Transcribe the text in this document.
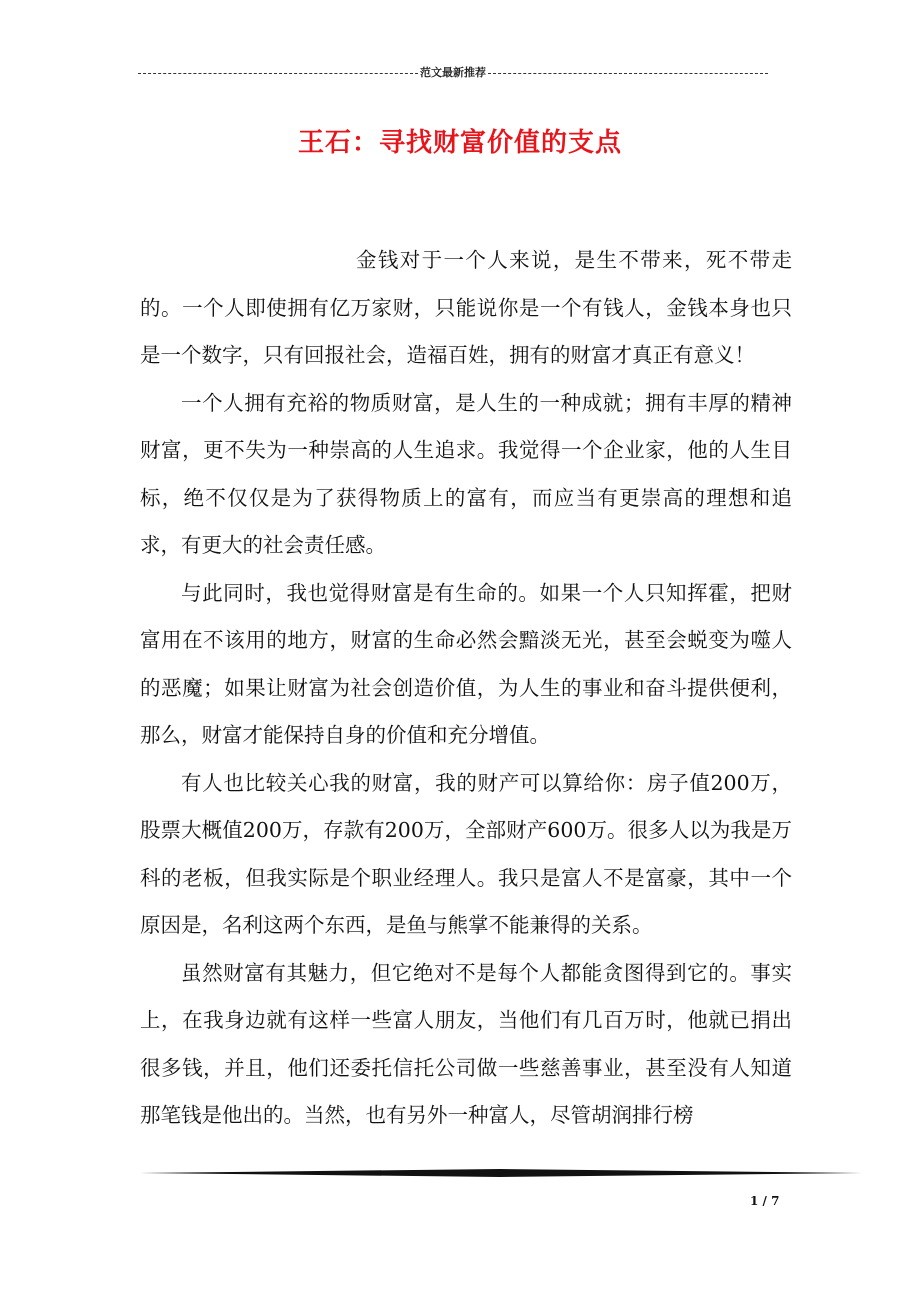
范文最新推荐
王石：寻找财富价值的支点

金钱对于一个人来说，是生不带来，死不带走的。一个人即使拥有亿万家财，只能说你是一个有钱人，金钱本身也只是一个数字，只有回报社会，造福百姓，拥有的财富才真正有意义！

一个人拥有充裕的物质财富，是人生的一种成就；拥有丰厚的精神财富，更不失为一种崇高的人生追求。我觉得一个企业家，他的人生目标，绝不仅仅是为了获得物质上的富有，而应当有更崇高的理想和追求，有更大的社会责任感。

与此同时，我也觉得财富是有生命的。如果一个人只知挥霍，把财富用在不该用的地方，财富的生命必然会黯淡无光，甚至会蜕变为噬人的恶魔；如果让财富为社会创造价值，为人生的事业和奋斗提供便利，那么，财富才能保持自身的价值和充分增值。

有人也比较关心我的财富，我的财产可以算给你：房子值200万，股票大概值200万，存款有200万，全部财产600万。很多人以为我是万科的老板，但我实际是个职业经理人。我只是富人不是富豪，其中一个原因是，名利这两个东西，是鱼与熊掌不能兼得的关系。

虽然财富有其魅力，但它绝对不是每个人都能贪图得到它的。事实上，在我身边就有这样一些富人朋友，当他们有几百万时，他就已捐出很多钱，并且，他们还委托信托公司做一些慈善事业，甚至没有人知道那笔钱是他出的。当然，也有另外一种富人，尽管胡润排行榜

1 / 7
